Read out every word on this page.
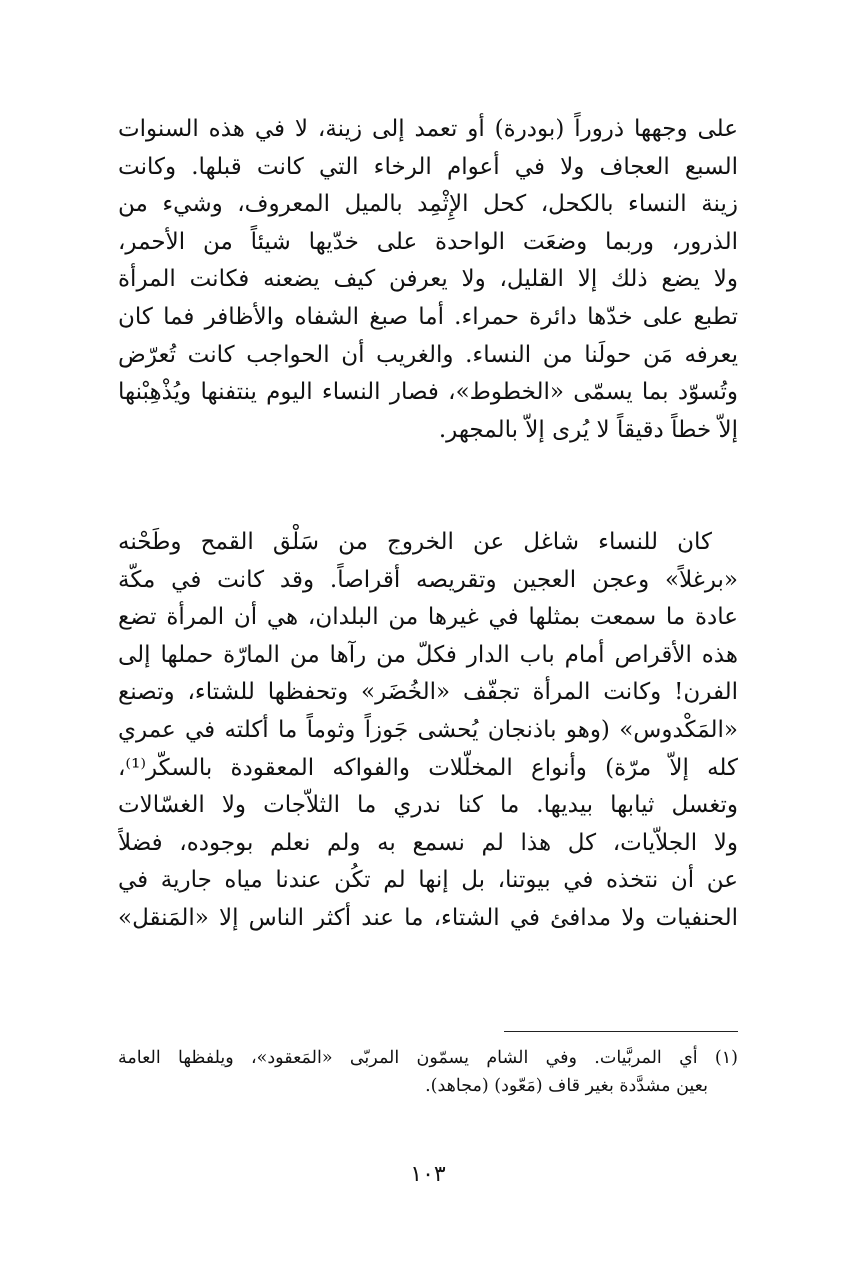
على وجهها ذروراً (بودرة) أو تعمد إلى زينة، لا في هذه السنوات
السبع العجاف ولا في أعوام الرخاء التي كانت قبلها. وكانت
زينة النساء بالكحل، كحل الإِثْمِد بالميل المعروف، وشيء من
الذرور، وربما وضعَت الواحدة على خدّيها شيئاً من الأحمر،
ولا يضع ذلك إلا القليل، ولا يعرفن كيف يضعنه فكانت المرأة
تطبع على خدّها دائرة حمراء. أما صبغ الشفاه والأظافر فما كان
يعرفه مَن حولَنا من النساء. والغريب أن الحواجب كانت تُعرّض
وتُسوّد بما يسمّى «الخطوط»، فصار النساء اليوم ينتفنها ويُذْهِبْنها
إلاّ خطاً دقيقاً لا يُرى إلاّ بالمجهر.
كان للنساء شاغل عن الخروج من سَلْق القمح وطَحْنه
«برغلاً» وعجن العجين وتقريصه أقراصاً. وقد كانت في مكّة
عادة ما سمعت بمثلها في غيرها من البلدان، هي أن المرأة تضع
هذه الأقراص أمام باب الدار فكلّ من رآها من المارّة حملها إلى
الفرن! وكانت المرأة تجفّف «الخُضَر» وتحفظها للشتاء، وتصنع
«المَكْدوس» (وهو باذنجان يُحشى جَوزاً وثوماً ما أكلته في عمري
كله إلاّ مرّة) وأنواع المخلّلات والفواكه المعقودة بالسكّر⁽¹⁾،
وتغسل ثيابها بيديها. ما كنا ندري ما الثلاّجات ولا الغسّالات
ولا الجلاّيات، كل هذا لم نسمع به ولم نعلم بوجوده، فضلاً
عن أن نتخذه في بيوتنا، بل إنها لم تكُن عندنا مياه جارية في
الحنفيات ولا مدافئ في الشتاء، ما عند أكثر الناس إلا «المَنقل»
(١) أي المربَّيات. وفي الشام يسمّون المربّى «المَعقود»، ويلفظها العامة
بعين مشدَّدة بغير قاف (مَعّود) (مجاهد).
١٠٣
